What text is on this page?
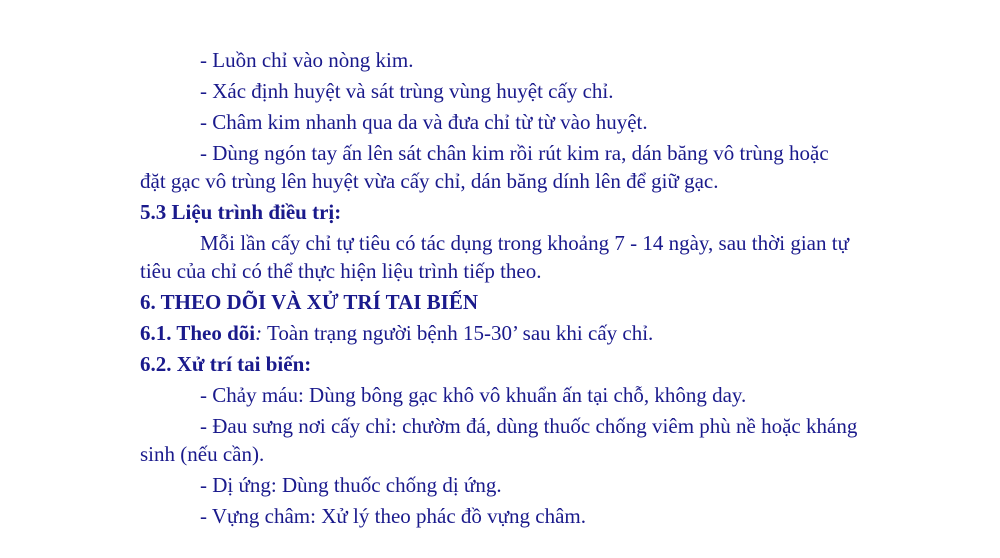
- Luồn chỉ vào nòng kim.

- Xác định huyệt và sát trùng vùng huyệt cấy chỉ.

- Châm kim nhanh qua da và đưa chỉ từ từ vào huyệt.

- Dùng ngón tay ấn lên sát chân kim rồi rút kim ra, dán băng vô trùng hoặc

đặt gạc vô trùng lên huyệt vừa cấy chỉ, dán băng dính lên để giữ gạc.

5.3 Liệu trình điều trị:

Mỗi lần cấy chỉ tự tiêu có tác dụng trong khoảng 7 - 14 ngày, sau thời gian tự

tiêu của chỉ có thể thực hiện liệu trình tiếp theo.

6. THEO DÕI VÀ XỬ TRÍ TAI BIẾN

6.1. Theo dõi: Toàn trạng người bệnh 15-30’ sau khi cấy chỉ.

6.2. Xử trí tai biến:

- Chảy máu: Dùng bông gạc khô vô khuẩn ấn tại chỗ, không day.

- Đau sưng nơi cấy chỉ: chườm đá, dùng thuốc chống viêm phù nề hoặc kháng

sinh (nếu cần).

- Dị ứng: Dùng thuốc chống dị ứng.

- Vựng châm: Xử lý theo phác đồ vựng châm.
